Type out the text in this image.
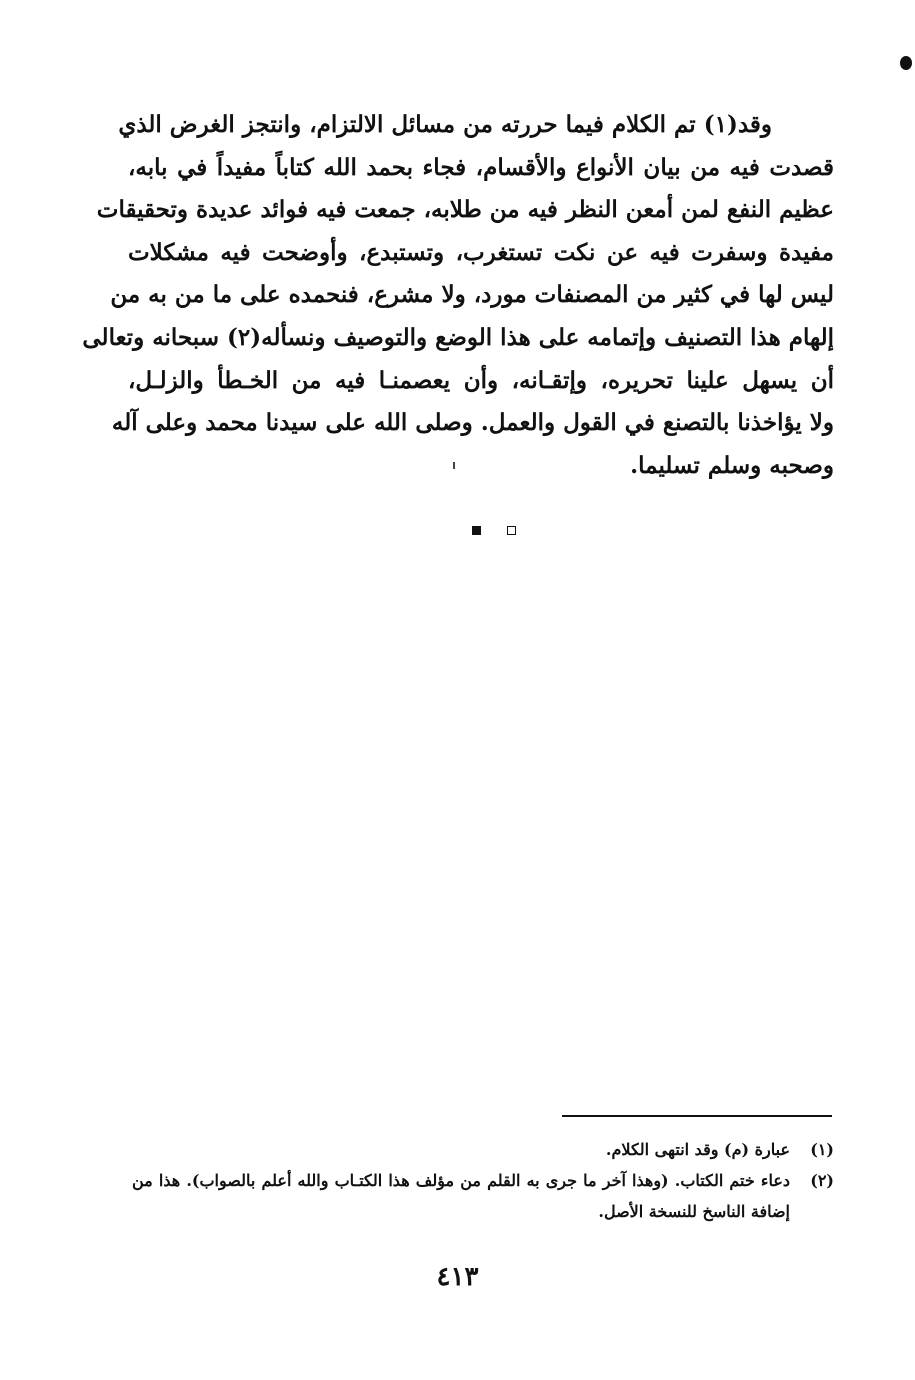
وقد(١) تم الكلام فيما حررته من مسائل الالتزام، وانتجز الغرض الذي
قصدت فيه من بيان الأنواع والأقسام، فجاء بحمد الله كتاباً مفيداً في بابه،
عظيم النفع لمن أمعن النظر فيه من طلابه، جمعت فيه فوائد عديدة وتحقيقات
مفيدة وسفرت فيه عن نكت تستغرب، وتستبدع، وأوضحت فيه مشكلات
ليس لها في كثير من المصنفات مورد، ولا مشرع، فنحمده على ما من به من
إلهام هذا التصنيف وإتمامه على هذا الوضع والتوصيف ونسأله(٢) سبحانه وتعالى
أن يسهل علينا تحريره، وإتقـانه، وأن يعصمنـا فيه من الخـطأ والزلـل،
ولا يؤاخذنا بالتصنع في القول والعمل. وصلى الله على سيدنا محمد وعلى آله
وصحبه وسلم تسليما.
(١)
عبارة (م) وقد انتهى الكلام.
(٢)
دعاء ختم الكتاب. (وهذا آخر ما جرى به القلم من مؤلف هذا الكتـاب والله أعلم بالصواب). هذا من إضافة الناسخ للنسخة الأصل.
٤١٣
